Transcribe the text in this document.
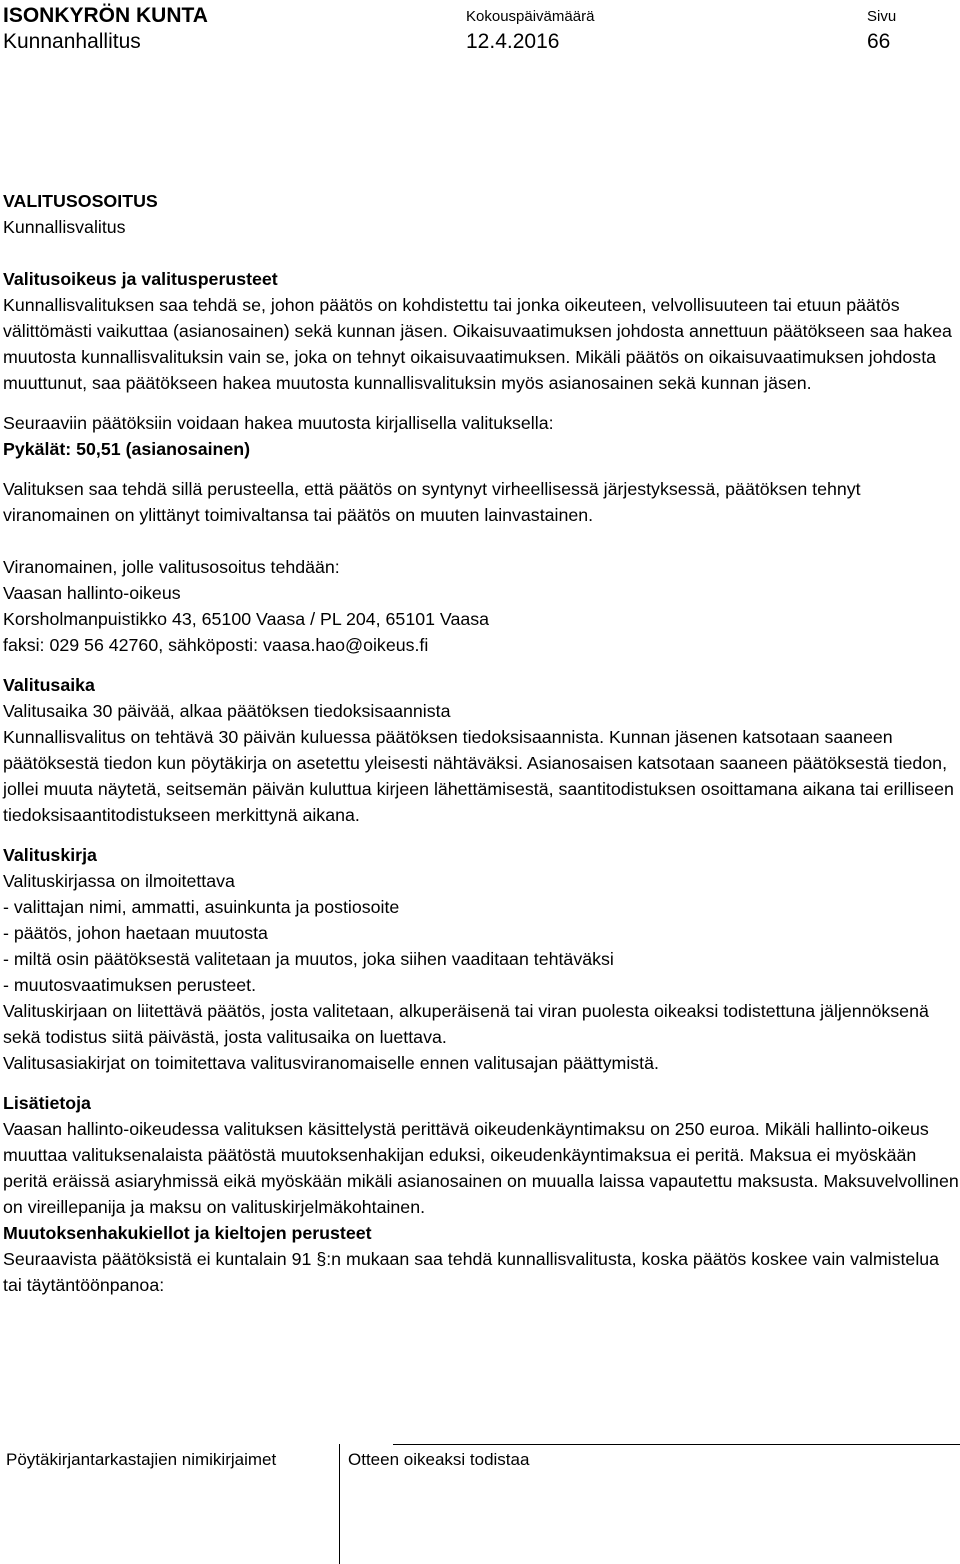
ISONKYRÖN KUNTA
Kunnanhallitus
Kokouspäivämäärä
12.4.2016
Sivu
66

VALITUSOSOITUS

Kunnallisvalitus

Valitusoikeus ja valitusperusteet

Kunnallisvalituksen saa tehdä se, johon päätös on kohdistettu tai jonka oikeuteen, velvollisuuteen tai etuun päätös välittömästi vaikuttaa (asianosainen) sekä kunnan jäsen. Oikaisuvaatimuksen johdosta annettuun päätökseen saa hakea muutosta kunnallisvalituksin vain se, joka on tehnyt oikaisuvaatimuksen. Mikäli päätös on oikaisuvaatimuksen johdosta muuttunut, saa päätökseen hakea muutosta kunnallisvalituksin myös asianosainen sekä kunnan jäsen.

Seuraaviin päätöksiin voidaan hakea muutosta kirjallisella valituksella:

Pykälät: 50,51 (asianosainen)

Valituksen saa tehdä sillä perusteella, että päätös on syntynyt virheellisessä järjestyksessä, päätöksen tehnyt viranomainen on ylittänyt toimivaltansa tai päätös on muuten lainvastainen.

Viranomainen, jolle valitusosoitus tehdään:

Vaasan hallinto-oikeus

Korsholmanpuistikko 43, 65100 Vaasa / PL 204, 65101 Vaasa

faksi: 029 56 42760, sähköposti: vaasa.hao@oikeus.fi

Valitusaika

Valitusaika 30 päivää, alkaa päätöksen tiedoksisaannista

Kunnallisvalitus on tehtävä 30 päivän kuluessa päätöksen tiedoksisaannista. Kunnan jäsenen katsotaan saaneen päätöksestä tiedon kun pöytäkirja on asetettu yleisesti nähtäväksi. Asianosaisen katsotaan saaneen päätöksestä tiedon, jollei muuta näytetä, seitsemän päivän kuluttua kirjeen lähettämisestä, saantitodistuksen osoittamana aikana tai erilliseen tiedoksisaantitodistukseen merkittynä aikana.

Valituskirja

Valituskirjassa on ilmoitettava

- valittajan nimi, ammatti, asuinkunta ja postiosoite

- päätös, johon haetaan muutosta

- miltä osin päätöksestä valitetaan ja muutos, joka siihen vaaditaan tehtäväksi

- muutosvaatimuksen perusteet.

Valituskirjaan on liitettävä päätös, josta valitetaan, alkuperäisenä tai viran puolesta oikeaksi todistettuna jäljennöksenä sekä todistus siitä päivästä, josta valitusaika on luettava.

Valitusasiakirjat on toimitettava valitusviranomaiselle ennen valitusajan päättymistä.

Lisätietoja

Vaasan hallinto-oikeudessa valituksen käsittelystä perittävä oikeudenkäyntimaksu on 250 euroa. Mikäli hallinto-oikeus muuttaa valituksenalaista päätöstä muutoksenhakijan eduksi, oikeudenkäyntimaksua ei peritä. Maksua ei myöskään peritä eräissä asiaryhmissä eikä myöskään mikäli asianosainen on muualla laissa vapautettu maksusta. Maksuvelvollinen on vireillepanija ja maksu on valituskirjelmäkohtainen.

Muutoksenhakukiellot ja kieltojen perusteet

Seuraavista päätöksistä ei kuntalain 91 §:n mukaan saa tehdä kunnallisvalitusta, koska päätös koskee vain valmistelua tai täytäntöönpanoa:

Pöytäkirjantarkastajien nimikirjaimet	Otteen oikeaksi todistaa
